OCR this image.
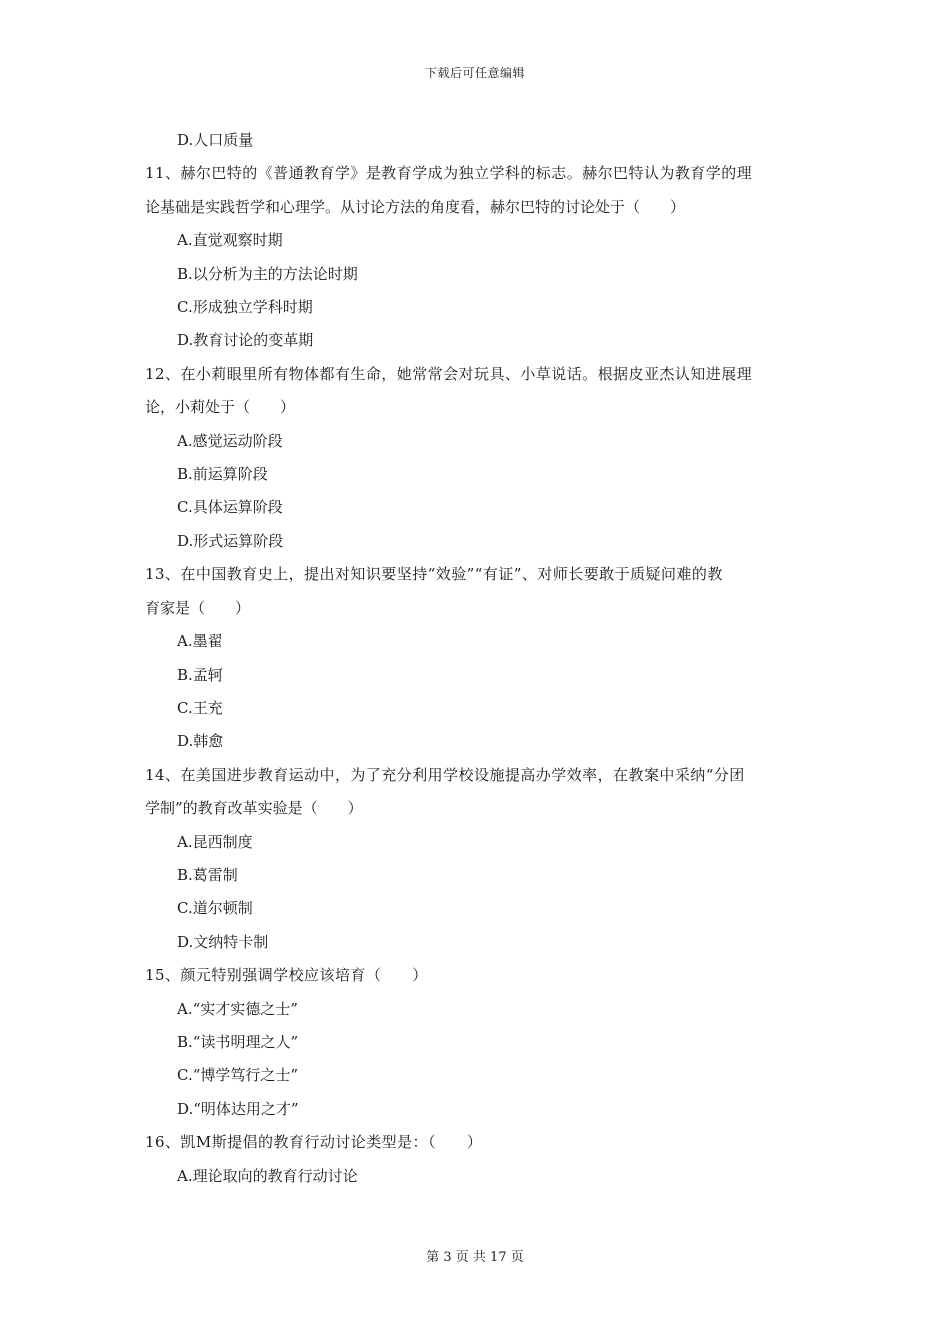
下载后可任意编辑
D.人口质量
11、赫尔巴特的《普通教育学》是教育学成为独立学科的标志。赫尔巴特认为教育学的理
论基础是实践哲学和心理学。从讨论方法的角度看，赫尔巴特的讨论处于（　　）
A.直觉观察时期
B.以分析为主的方法论时期
C.形成独立学科时期
D.教育讨论的变革期
12、在小莉眼里所有物体都有生命，她常常会对玩具、小草说话。根据皮亚杰认知进展理
论，小莉处于（　　）
A.感觉运动阶段
B.前运算阶段
C.具体运算阶段
D.形式运算阶段
13、在中国教育史上，提出对知识要坚持“效验”“有证”、对师长要敢于质疑问难的教
育家是（　　）
A.墨翟
B.孟轲
C.王充
D.韩愈
14、在美国进步教育运动中，为了充分利用学校设施提高办学效率，在教案中采纳“分团
学制”的教育改革实验是（　　）
A.昆西制度
B.葛雷制
C.道尔顿制
D.文纳特卡制
15、颜元特别强调学校应该培育（　　）
A.“实才实德之士”
B.“读书明理之人”
C.“博学笃行之士”
D.“明体达用之才”
16、凯M斯提倡的教育行动讨论类型是：（　　）
A.理论取向的教育行动讨论
第 3 页 共 17 页
